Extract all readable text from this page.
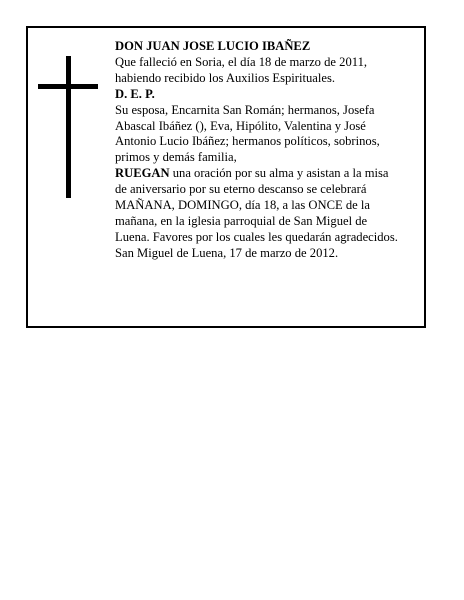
DON JUAN JOSE LUCIO IBAÑEZ
Que falleció en Soria, el día 18 de marzo de 2011,
habiendo recibido los Auxilios Espirituales.
D. E. P.
Su esposa, Encarnita San Román; hermanos, Josefa
Abascal Ibáñez (), Eva, Hipólito, Valentina y José
Antonio Lucio Ibáñez; hermanos políticos, sobrinos,
primos y demás familia,
RUEGAN una oración por su alma y asistan a la misa
de aniversario por su eterno descanso se celebrará
MAÑANA, DOMINGO, día 18, a las ONCE de la
mañana, en la iglesia parroquial de San Miguel de
Luena. Favores por los cuales les quedarán agradecidos.
San Miguel de Luena, 17 de marzo de 2012.
